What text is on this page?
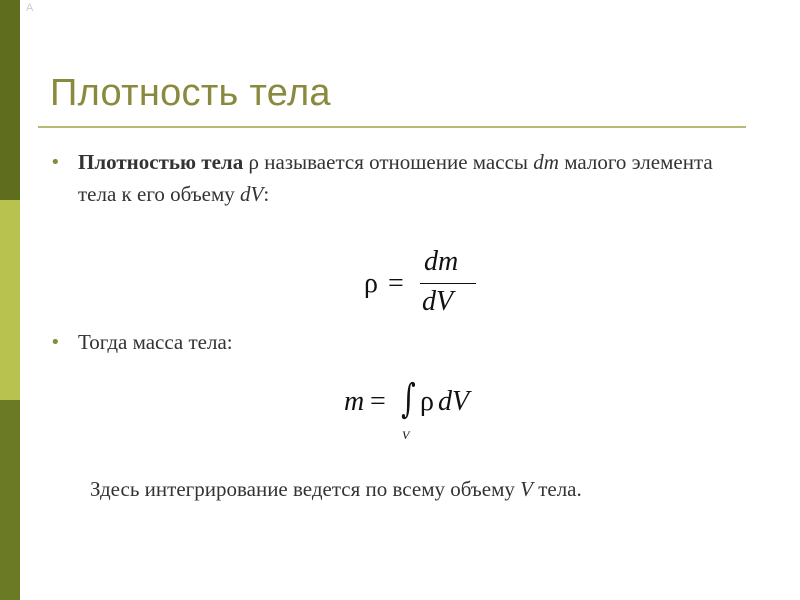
A
Плотность тела
• Плотностью тела ρ называется отношение массы dm малого элемента тела к его объему dV:
ρ =
dm
dV
• Тогда масса тела:
m = ∫
V
ρ dV
Здесь интегрирование ведется по всему объему V тела.
